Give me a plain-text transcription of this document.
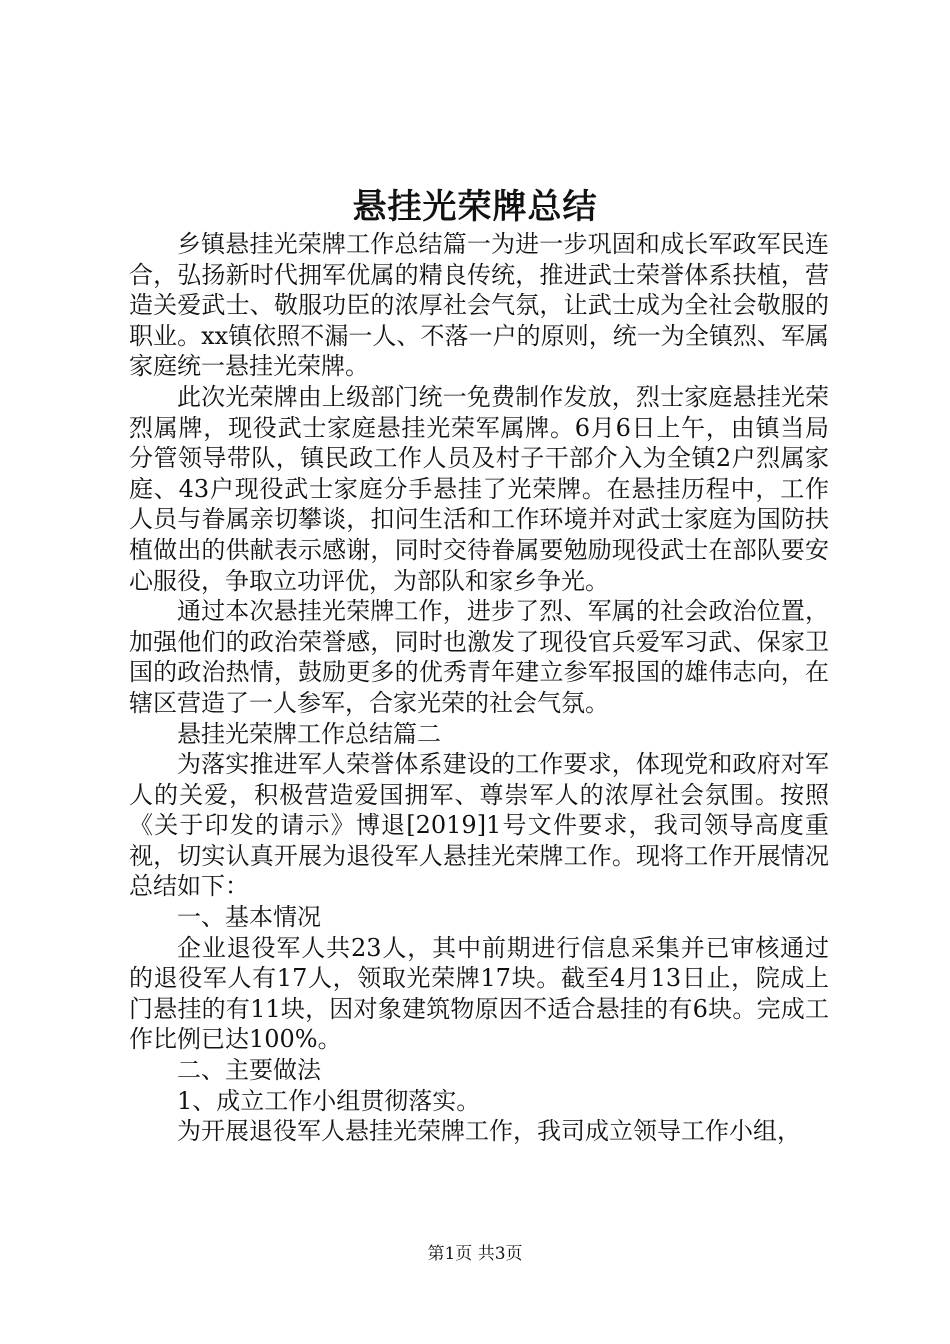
悬挂光荣牌总结

乡镇悬挂光荣牌工作总结篇一为进一步巩固和成长军政军民连合，弘扬新时代拥军优属的精良传统，推进武士荣誉体系扶植，营造关爱武士、敬服功臣的浓厚社会气氛，让武士成为全社会敬服的职业。xx镇依照不漏一人、不落一户的原则，统一为全镇烈、军属家庭统一悬挂光荣牌。

此次光荣牌由上级部门统一免费制作发放，烈士家庭悬挂光荣烈属牌，现役武士家庭悬挂光荣军属牌。6月6日上午，由镇当局分管领导带队，镇民政工作人员及村子干部介入为全镇2户烈属家庭、43户现役武士家庭分手悬挂了光荣牌。在悬挂历程中，工作人员与眷属亲切攀谈，扣问生活和工作环境并对武士家庭为国防扶植做出的供献表示感谢，同时交待眷属要勉励现役武士在部队要安心服役，争取立功评优，为部队和家乡争光。

通过本次悬挂光荣牌工作，进步了烈、军属的社会政治位置，加强他们的政治荣誉感，同时也激发了现役官兵爱军习武、保家卫国的政治热情，鼓励更多的优秀青年建立参军报国的雄伟志向，在辖区营造了一人参军，合家光荣的社会气氛。

悬挂光荣牌工作总结篇二

为落实推进军人荣誉体系建设的工作要求，体现党和政府对军人的关爱，积极营造爱国拥军、尊崇军人的浓厚社会氛围。按照《关于印发的请示》博退[2019]1号文件要求，我司领导高度重视，切实认真开展为退役军人悬挂光荣牌工作。现将工作开展情况总结如下：

一、基本情况

企业退役军人共23人，其中前期进行信息采集并已审核通过的退役军人有17人，领取光荣牌17块。截至4月13日止，院成上门悬挂的有11块，因对象建筑物原因不适合悬挂的有6块。完成工作比例已达100%。

二、主要做法

1、成立工作小组贯彻落实。

为开展退役军人悬挂光荣牌工作，我司成立领导工作小组，

第1页 共3页
